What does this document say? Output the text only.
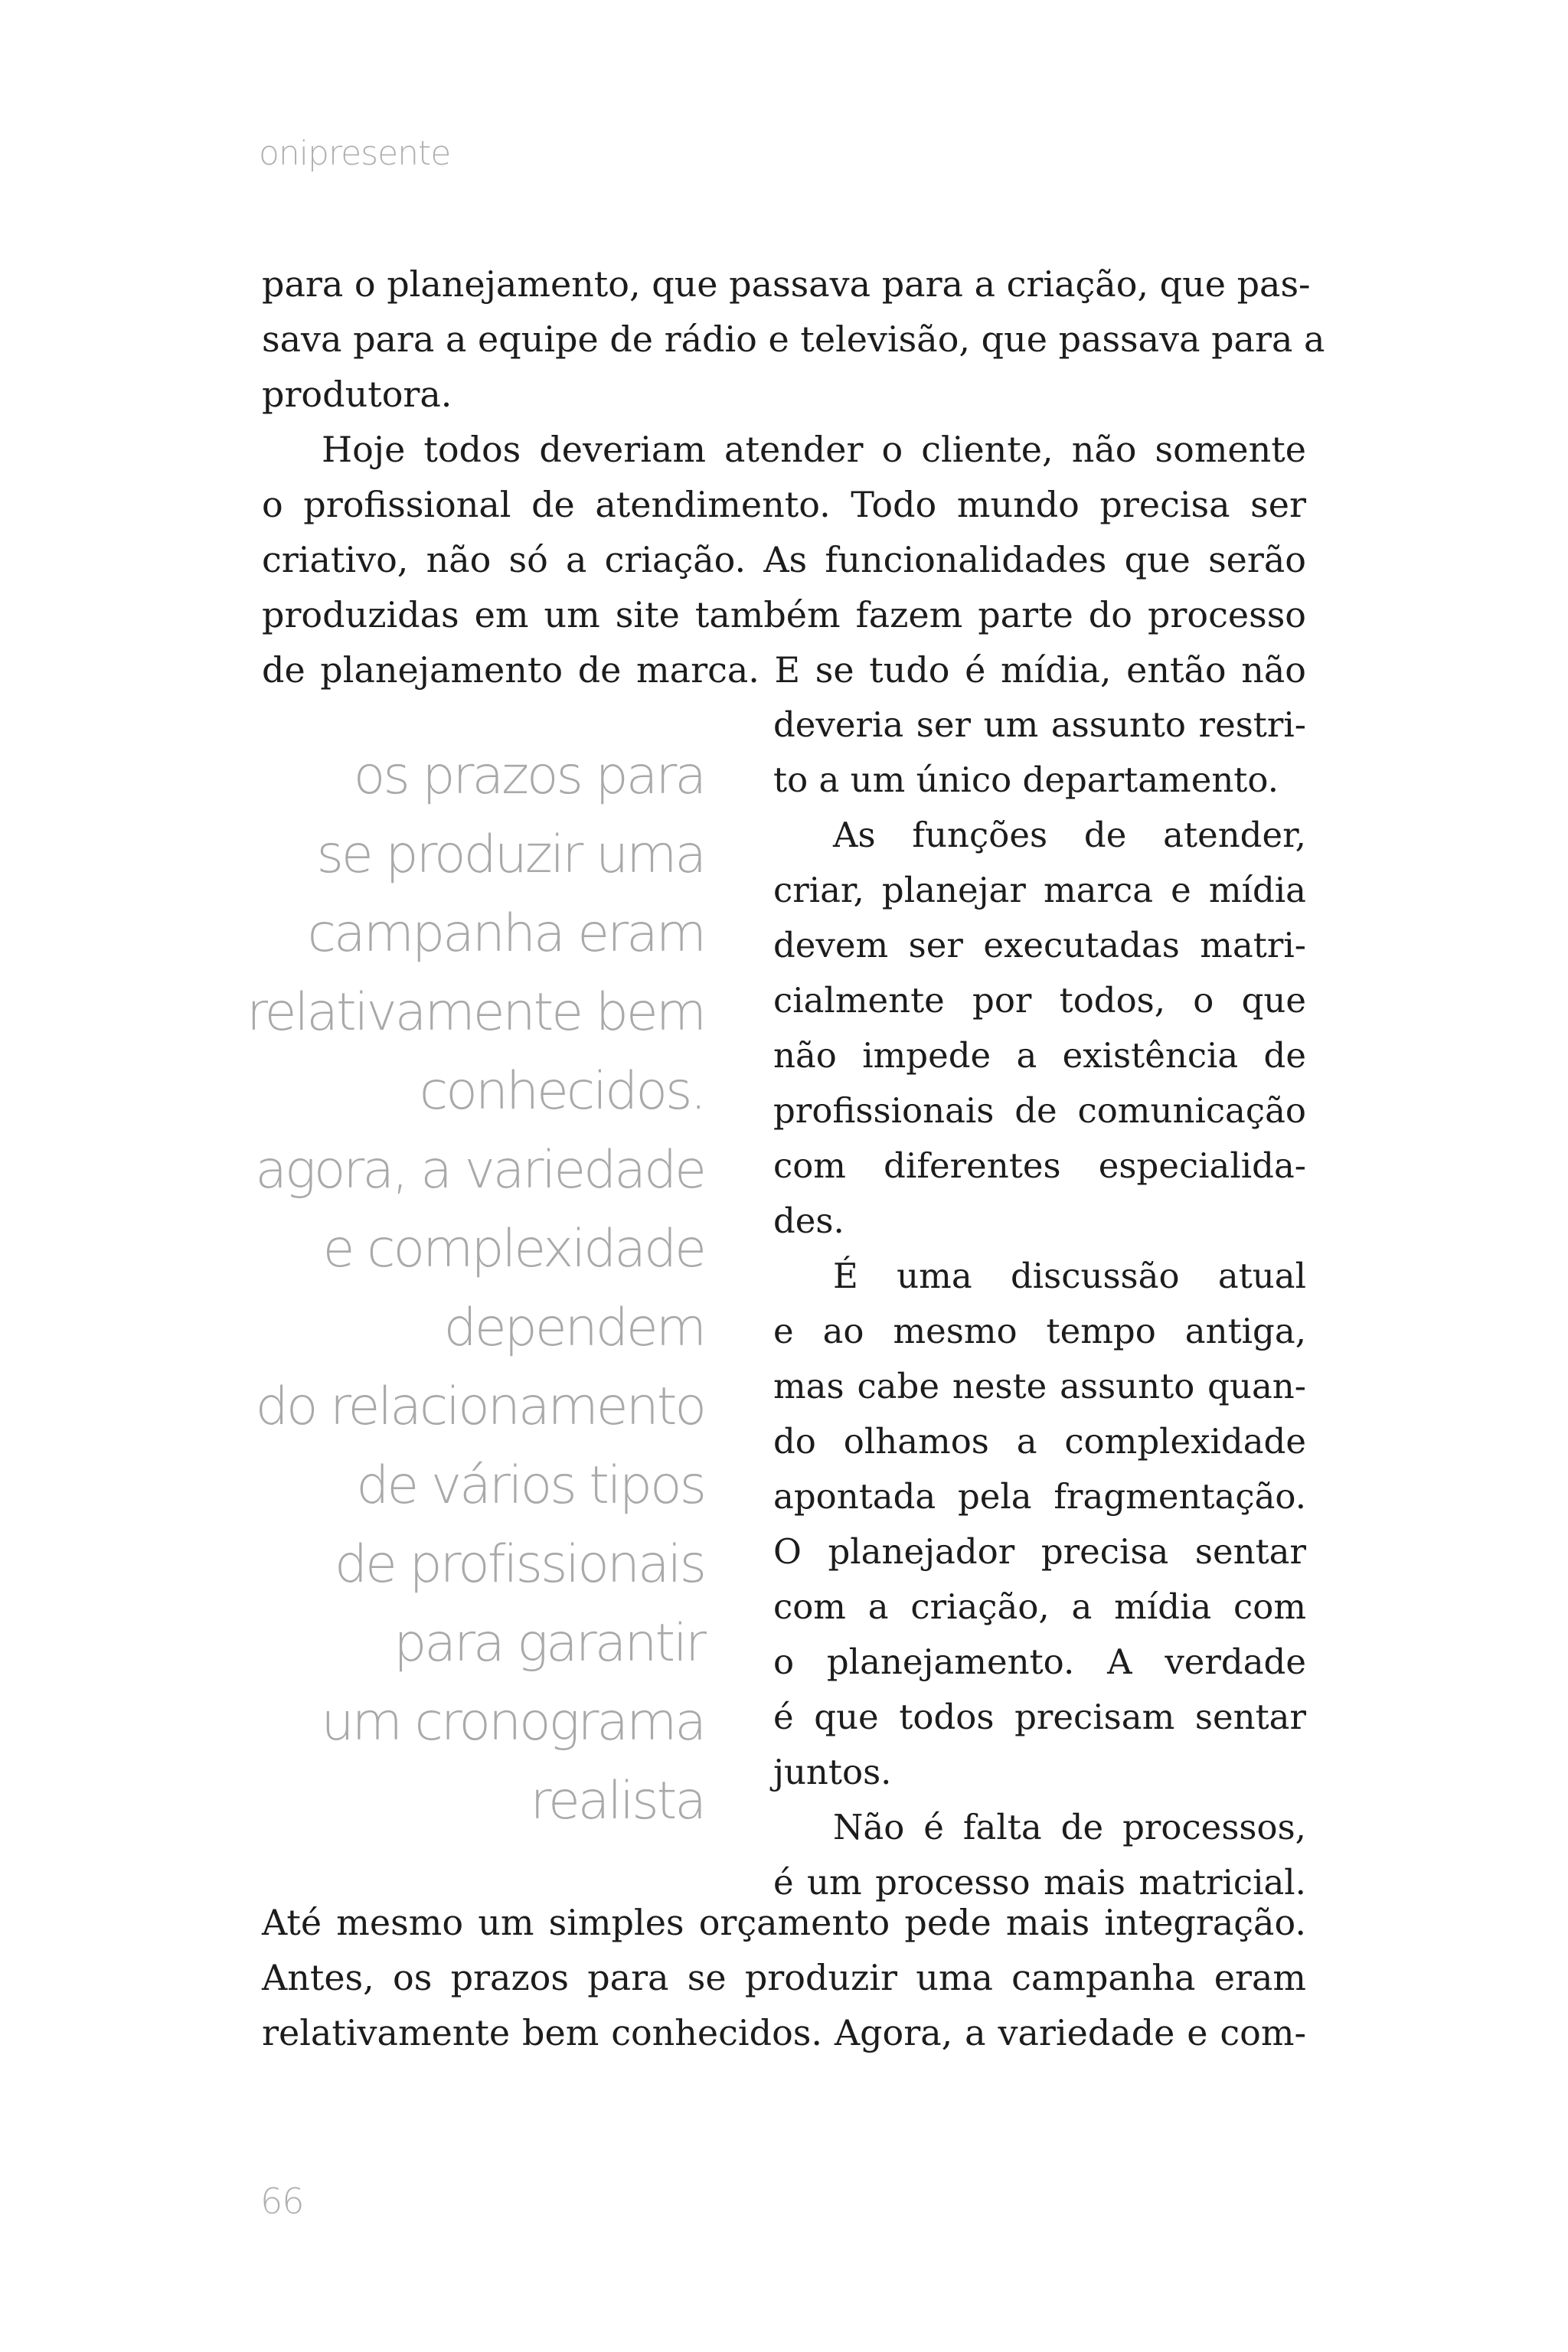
onipresente
para o planejamento, que passava para a criação, que pas-
sava para a equipe de rádio e televisão, que passava para a
produtora.
Hoje todos deveriam atender o cliente, não somente
o profissional de atendimento. Todo mundo precisa ser
criativo, não só a criação. As funcionalidades que serão
produzidas em um site também fazem parte do processo
de planejamento de marca. E se tudo é mídia, então não
os prazos para
se produzir uma
campanha eram
relativamente bem
conhecidos.
agora, a variedade
e complexidade
dependem
do relacionamento
de vários tipos
de profissionais
para garantir
um cronograma
realista
deveria ser um assunto restri-
to a um único departamento.
As funções de atender,
criar, planejar marca e mídia
devem ser executadas matri-
cialmente por todos, o que
não impede a existência de
profissionais de comunicação
com diferentes especialida-
des.
É uma discussão atual
e ao mesmo tempo antiga,
mas cabe neste assunto quan-
do olhamos a complexidade
apontada pela fragmentação.
O planejador precisa sentar
com a criação, a mídia com
o planejamento. A verdade
é que todos precisam sentar
juntos.
Não é falta de processos,
é um processo mais matricial.
Até mesmo um simples orçamento pede mais integração.
Antes, os prazos para se produzir uma campanha eram
relativamente bem conhecidos. Agora, a variedade e com-
66
